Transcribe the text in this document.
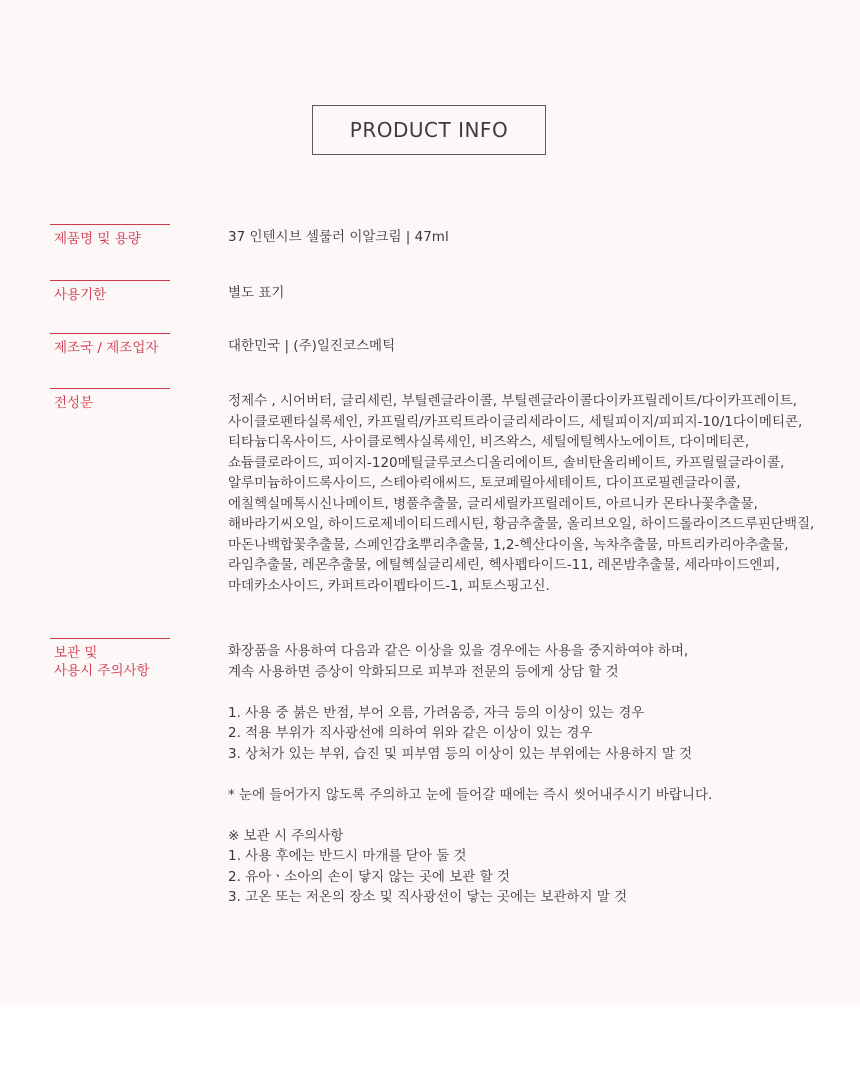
PRODUCT INFO
제품명 및 용량	37 인텐시브 셀룰러 이알크림 | 47ml
사용기한	별도 표기
제조국 / 제조업자	대한민국 | (주)일진코스메틱
전성분	정제수 , 시어버터, 글리세린, 부틸렌글라이콜, 부틸렌글라이콜다이카프릴레이트/다이카프레이트,
사이클로펜타실록세인, 카프릴릭/카프릭트라이글리세라이드, 세틸피이지/피피지-10/1다이메티콘,
티타늄디옥사이드, 사이클로헥사실록세인, 비즈왁스, 세틸에틸헥사노에이트, 다이메티콘,
쇼듐클로라이드, 피이지-120메틸글루코스디올리에이트, 솔비탄올리베이트, 카프릴릴글라이콜,
알루미늄하이드록사이드, 스테아릭애씨드, 토코페릴아세테이트, 다이프로필렌글라이콜,
에칠헥실메톡시신나메이트, 병풀추출물, 글리세릴카프릴레이트, 아르니카 몬타나꽃추출물,
해바라기씨오일, 하이드로제네이티드레시틴, 황금추출물, 올리브오일, 하이드롤라이즈드루핀단백질,
마돈나백합꽃추출물, 스페인감초뿌리추출물, 1,2-헥산다이올, 녹차추출물, 마트리카리아추출물,
라임추출물, 레몬추출물, 에틸헥실글리세린, 헥사펩타이드-11, 레몬밤추출물, 세라마이드엔피,
마데카소사이드, 카퍼트라이펩타이드-1, 피토스핑고신.
보관 및
사용시 주의사항
화장품을 사용하여 다음과 같은 이상을 있을 경우에는 사용을 중지하여야 하며,
계속 사용하면 증상이 악화되므로 피부과 전문의 등에게 상담 할 것
1. 사용 중 붉은 반점, 부어 오름, 가려움증, 자극 등의 이상이 있는 경우
2. 적용 부위가 직사광선에 의하여 위와 같은 이상이 있는 경우
3. 상처가 있는 부위, 습진 및 피부염 등의 이상이 있는 부위에는 사용하지 말 것
* 눈에 들어가지 않도록 주의하고 눈에 들어갈 때에는 즉시 씻어내주시기 바랍니다.
※ 보관 시 주의사항
1. 사용 후에는 반드시 마개를 닫아 둘 것
2. 유아ㆍ소아의 손이 닿지 않는 곳에 보관 할 것
3. 고온 또는 저온의 장소 및 직사광선이 닿는 곳에는 보관하지 말 것
